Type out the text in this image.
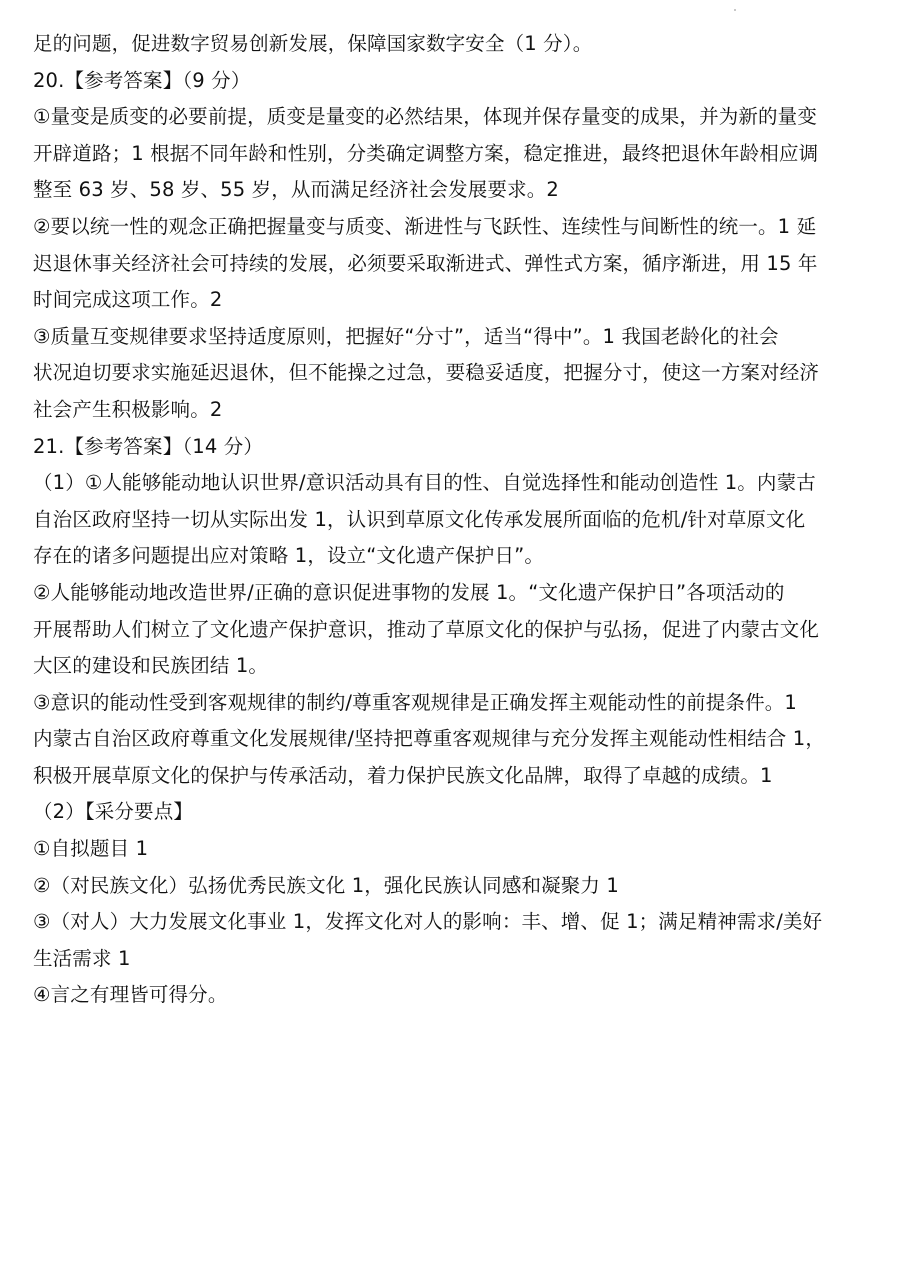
足的问题，促进数字贸易创新发展，保障国家数字安全（1 分）。
20.【参考答案】（9 分）
①量变是质变的必要前提，质变是量变的必然结果，体现并保存量变的成果，并为新的量变
开辟道路；1 根据不同年龄和性别，分类确定调整方案，稳定推进，最终把退休年龄相应调
整至 63 岁、58 岁、55 岁，从而满足经济社会发展要求。2
②要以统一性的观念正确把握量变与质变、渐进性与飞跃性、连续性与间断性的统一。1 延
迟退休事关经济社会可持续的发展，必须要采取渐进式、弹性式方案，循序渐进，用 15 年
时间完成这项工作。2
③质量互变规律要求坚持适度原则，把握好“分寸”，适当“得中”。1 我国老龄化的社会
状况迫切要求实施延迟退休，但不能操之过急，要稳妥适度，把握分寸，使这一方案对经济
社会产生积极影响。2
21.【参考答案】（14 分）
（1）①人能够能动地认识世界/意识活动具有目的性、自觉选择性和能动创造性 1。内蒙古
自治区政府坚持一切从实际出发 1，认识到草原文化传承发展所面临的危机/针对草原文化
存在的诸多问题提出应对策略 1，设立“文化遗产保护日”。
②人能够能动地改造世界/正确的意识促进事物的发展 1。“文化遗产保护日”各项活动的
开展帮助人们树立了文化遗产保护意识，推动了草原文化的保护与弘扬，促进了内蒙古文化
大区的建设和民族团结 1。
③意识的能动性受到客观规律的制约/尊重客观规律是正确发挥主观能动性的前提条件。1
内蒙古自治区政府尊重文化发展规律/坚持把尊重客观规律与充分发挥主观能动性相结合 1，
积极开展草原文化的保护与传承活动，着力保护民族文化品牌，取得了卓越的成绩。1
（2）【采分要点】
①自拟题目 1
②（对民族文化）弘扬优秀民族文化 1，强化民族认同感和凝聚力 1
③（对人）大力发展文化事业 1，发挥文化对人的影响：丰、增、促 1；满足精神需求/美好
生活需求 1
④言之有理皆可得分。
